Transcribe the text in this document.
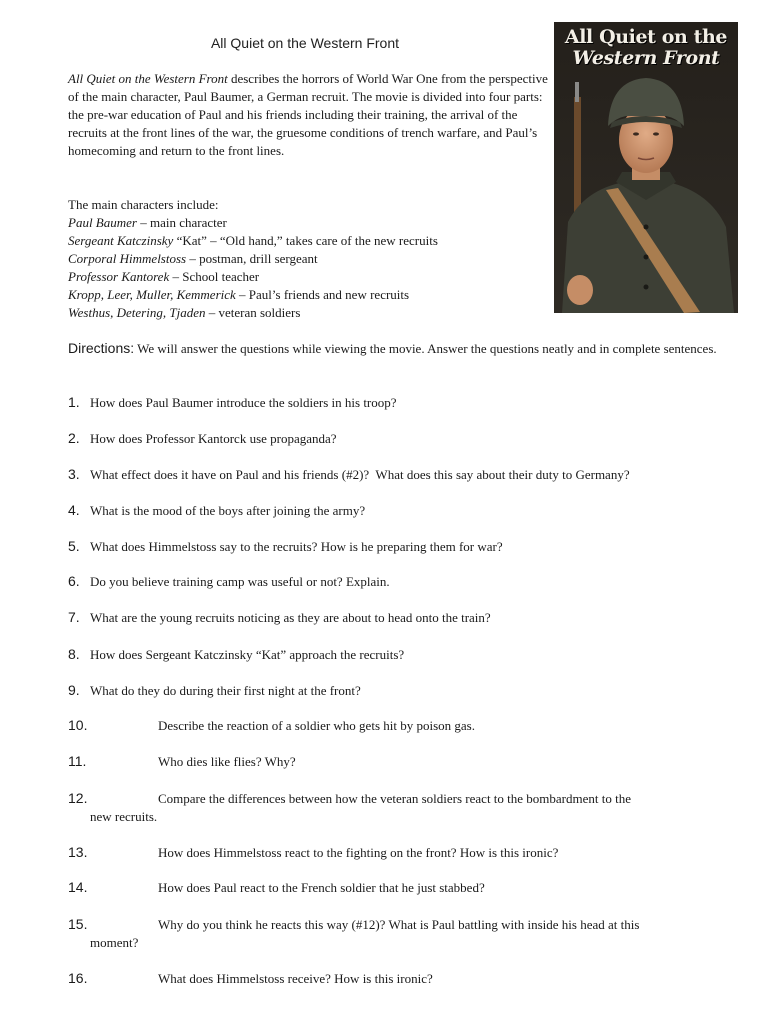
All Quiet on the Western Front	All Quiet on the
Western Front
All Quiet on the Western Front describes the horrors of World War One from the perspective of the main character, Paul Baumer, a German recruit. The movie is divided into four parts: the pre-war education of Paul and his friends including their training, the arrival of the recruits at the front lines of the war, the gruesome conditions of trench warfare, and Paul’s homecoming and return to the front lines.
The main characters include:
Paul Baumer – main character
Sergeant Katczinsky “Kat” – “Old hand,” takes care of the new recruits
Corporal Himmelstoss – postman, drill sergeant
Professor Kantorek – School teacher
Kropp, Leer, Muller, Kemmerick – Paul’s friends and new recruits
Westhus, Detering, Tjaden – veteran soldiers
Directions: We will answer the questions while viewing the movie. Answer the questions neatly and in complete sentences.
1. How does Paul Baumer introduce the soldiers in his troop?
2. How does Professor Kantorck use propaganda?
3. What effect does it have on Paul and his friends (#2)?  What does this say about their duty to Germany?
4. What is the mood of the boys after joining the army?
5. What does Himmelstoss say to the recruits? How is he preparing them for war?
6. Do you believe training camp was useful or not? Explain.
7. What are the young recruits noticing as they are about to head onto the train?
8. How does Sergeant Katczinsky “Kat” approach the recruits?
9. What do they do during their first night at the front?
10.	Describe the reaction of a soldier who gets hit by poison gas.
11.	Who dies like flies? Why?
12.	Compare the differences between how the veteran soldiers react to the bombardment to the
new recruits.
13.	How does Himmelstoss react to the fighting on the front? How is this ironic?
14.	How does Paul react to the French soldier that he just stabbed?
15.	Why do you think he reacts this way (#12)? What is Paul battling with inside his head at this
moment?
16.	What does Himmelstoss receive? How is this ironic?
